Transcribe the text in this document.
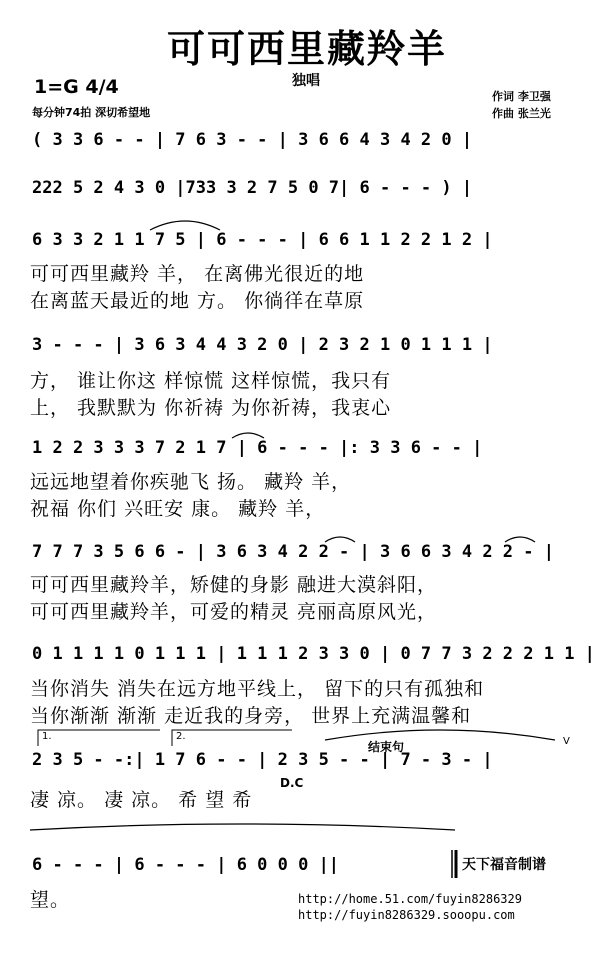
可可西里藏羚羊
独唱
1=G 4/4
每分钟74拍 深切希望地
作词 李卫强
作曲 张兰光
( 3 3 6 - - | 7 6 3 - - | 3 6 6 4 3 4 2 0 |
222 5 2 4 3 0 |733 3 2 7 5 0 7| 6 - - - ) |
6 3 3 2 1 1 7 5 | 6 - - - | 6 6 1 1 2 2 1 2 |
可可西里藏羚 羊， 在离佛光很近的地
在离蓝天最近的地 方。 你徜徉在草原
3 - - - | 3 6 3 4 4 3 2 0 | 2 3 2 1 0 1 1 1 |
方， 谁让你这 样惊慌 这样惊慌，我只有
上， 我默默为 你祈祷 为你祈祷，我衷心
1 2 2 3 3 3 7 2 1 7 | 6 - - - |: 3 3 6 - - |
远远地望着你疾驰飞 扬。 藏羚 羊，
祝福 你们 兴旺安 康。 藏羚 羊，
7 7 7 3 5 6 6 - | 3 6 3 4 2 2 - | 3 6 6 3 4 2 2 - |
可可西里藏羚羊，矫健的身影 融进大漠斜阳，
可可西里藏羚羊，可爱的精灵 亮丽高原风光，
0 1 1 1 1 0 1 1 1 | 1 1 1 2 3 3 0 | 0 7 7 3 2 2 2 1 1 |
当你消失 消失在远方地平线上， 留下的只有孤独和
当你渐渐 渐渐 走近我的身旁， 世界上充满温馨和
1.	2.
结束句	V
2 3 5 - -:| 1 7 6 - - | 2 3 5 - - | 7 - 3 - |
凄 凉。 凄 凉。 希 望 希
D.C
6 - - - | 6 - - - | 6 0 0 0 ||
望。
天下福音制谱
http://home.51.com/fuyin8286329
http://fuyin8286329.sooopu.com
